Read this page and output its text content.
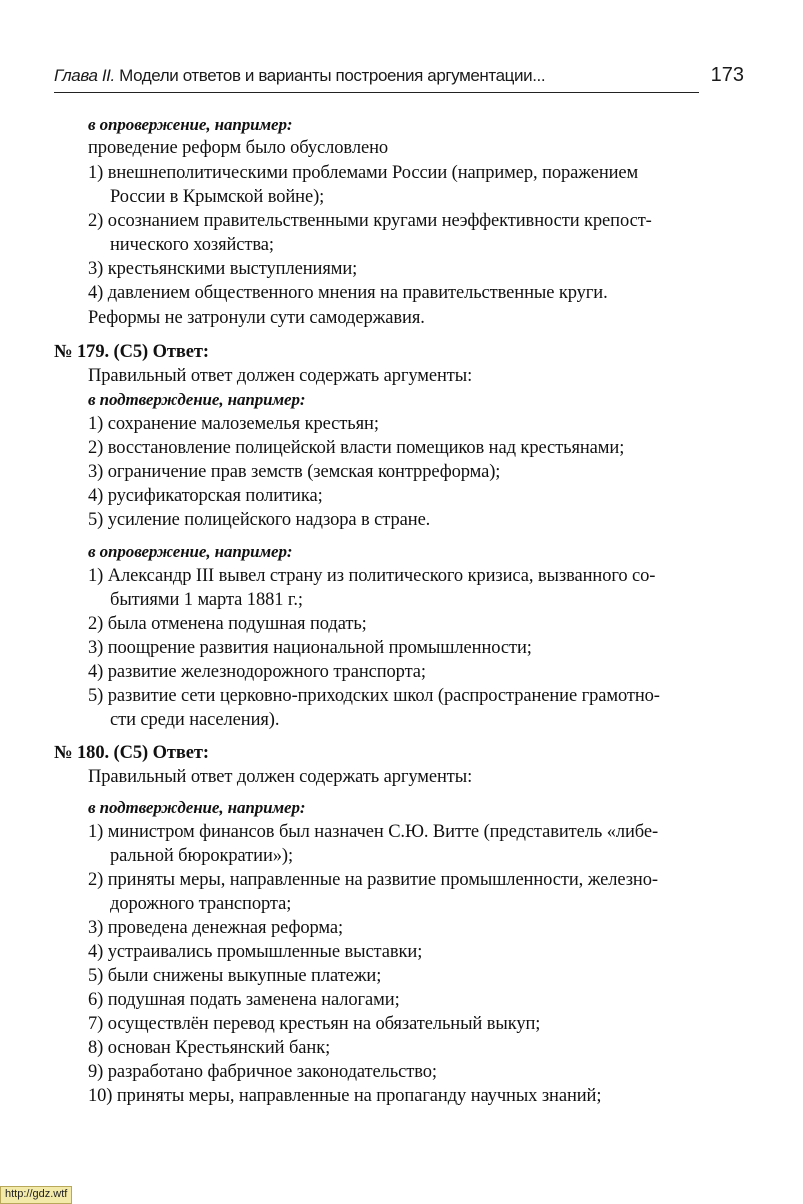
Глава II. Модели ответов и варианты построения аргументации...	173
в опровержение, например:
проведение реформ было обусловлено
1) внешнеполитическими проблемами России (например, поражением
России в Крымской войне);
2) осознанием правительственными кругами неэффективности крепост-
нического хозяйства;
3) крестьянскими выступлениями;
4) давлением общественного мнения на правительственные круги.
Реформы не затронули сути самодержавия.
№ 179. (С5) Ответ:
Правильный ответ должен содержать аргументы:
в подтверждение, например:
1) сохранение малоземелья крестьян;
2) восстановление полицейской власти помещиков над крестьянами;
3) ограничение прав земств (земская контрреформа);
4) русификаторская политика;
5) усиление полицейского надзора в стране.
в опровержение, например:
1) Александр III вывел страну из политического кризиса, вызванного со-
бытиями 1 марта 1881 г.;
2) была отменена подушная подать;
3) поощрение развития национальной промышленности;
4) развитие железнодорожного транспорта;
5) развитие сети церковно-приходских школ (распространение грамотно-
сти среди населения).
№ 180. (С5) Ответ:
Правильный ответ должен содержать аргументы:
в подтверждение, например:
1) министром финансов был назначен С.Ю. Витте (представитель «либе-
ральной бюрократии»);
2) приняты меры, направленные на развитие промышленности, железно-
дорожного транспорта;
3) проведена денежная реформа;
4) устраивались промышленные выставки;
5) были снижены выкупные платежи;
6) подушная подать заменена налогами;
7) осуществлён перевод крестьян на обязательный выкуп;
8) основан Крестьянский банк;
9) разработано фабричное законодательство;
10) приняты меры, направленные на пропаганду научных знаний;
http://gdz.wtf
